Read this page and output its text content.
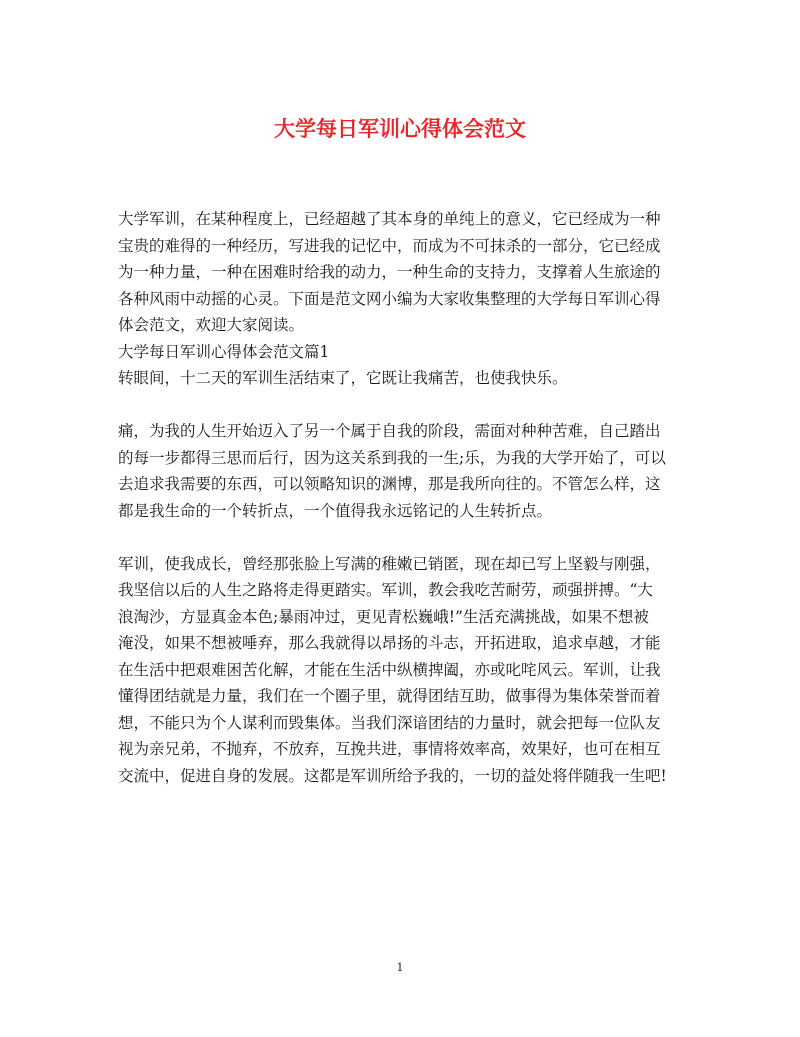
大学每日军训心得体会范文
大学军训，在某种程度上，已经超越了其本身的单纯上的意义，它已经成为一种
宝贵的难得的一种经历，写进我的记忆中，而成为不可抹杀的一部分，它已经成
为一种力量，一种在困难时给我的动力，一种生命的支持力，支撑着人生旅途的
各种风雨中动摇的心灵。下面是范文网小编为大家收集整理的大学每日军训心得
体会范文，欢迎大家阅读。
大学每日军训心得体会范文篇1
转眼间，十二天的军训生活结束了，它既让我痛苦，也使我快乐。
痛，为我的人生开始迈入了另一个属于自我的阶段，需面对种种苦难，自己踏出
的每一步都得三思而后行，因为这关系到我的一生;乐，为我的大学开始了，可以
去追求我需要的东西，可以领略知识的渊博，那是我所向往的。不管怎么样，这
都是我生命的一个转折点，一个值得我永远铭记的人生转折点。
军训，使我成长，曾经那张脸上写满的稚嫩已销匿，现在却已写上坚毅与刚强，
我坚信以后的人生之路将走得更踏实。军训，教会我吃苦耐劳，顽强拼搏。“大
浪淘沙，方显真金本色;暴雨冲过，更见青松巍峨!”生活充满挑战，如果不想被
淹没，如果不想被唾弃，那么我就得以昂扬的斗志，开拓进取，追求卓越，才能
在生活中把艰难困苦化解，才能在生活中纵横捭阖，亦或叱咤风云。军训，让我
懂得团结就是力量，我们在一个圈子里，就得团结互助，做事得为集体荣誉而着
想，不能只为个人谋利而毁集体。当我们深谙团结的力量时，就会把每一位队友
视为亲兄弟，不抛弃，不放弃，互挽共进，事情将效率高，效果好，也可在相互
交流中，促进自身的发展。这都是军训所给予我的，一切的益处将伴随我一生吧!
1
